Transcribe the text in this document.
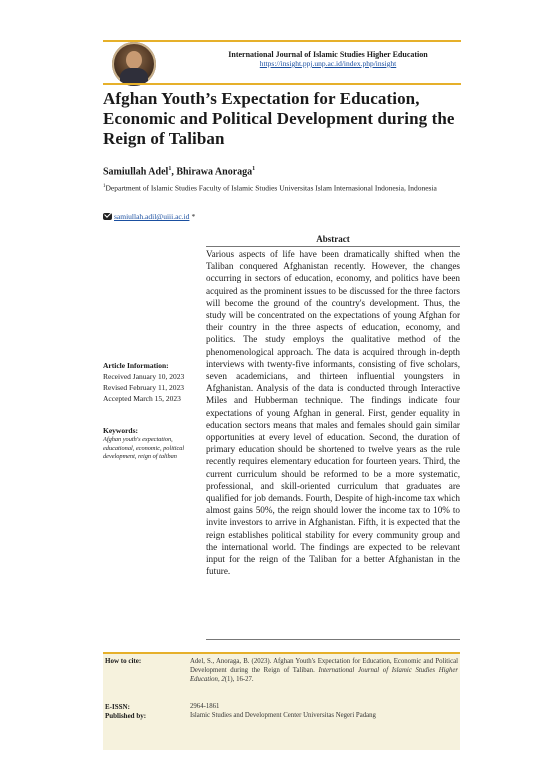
International Journal of Islamic Studies Higher Education
https://insight.ppj.unp.ac.id/index.php/insight
Afghan Youth’s Expectation for Education, Economic and Political Development during the Reign of Taliban
Samiullah Adel$^1$, Bhirawa Anoraga$^1$
$^1$Department of Islamic Studies Faculty of Islamic Studies Universitas Islam Internasional Indonesia, Indonesia
samiullah.adil@uiii.ac.id *
Abstract
Various aspects of life have been dramatically shifted when the Taliban conquered Afghanistan recently. However, the changes occurring in sectors of education, economy, and politics have been acquired as the prominent issues to be discussed for the three factors will become the ground of the country's development. Thus, the study will be concentrated on the expectations of young Afghan for their country in the three aspects of education, economy, and politics. The study employs the qualitative method of the phenomenological approach. The data is acquired through in-depth interviews with twenty-five informants, consisting of five scholars, seven academicians, and thirteen influential youngsters in Afghanistan. Analysis of the data is conducted through Interactive Miles and Hubberman technique. The findings indicate four expectations of young Afghan in general. First, gender equality in education sectors means that males and females should gain similar opportunities at every level of education. Second, the duration of primary education should be shortened to twelve years as the rule recently requires elementary education for fourteen years. Third, the current curriculum should be reformed to be a more systematic, professional, and skill-oriented curriculum that graduates are qualified for job demands. Fourth, Despite of high-income tax which almost gains 50%, the reign should lower the income tax to 10% to invite investors to arrive in Afghanistan. Fifth, it is expected that the reign establishes political stability for every community group and the international world. The findings are expected to be relevant input for the reign of the Taliban for a better Afghanistan in the future.
Article Information:
Received January 10, 2023
Revised February 11, 2023
Accepted March 15, 2023
Keywords:
Afghan youth's expectation, educational, economic, political development, reign of taliban
How to cite:	Adel, S., Anoraga, B. (2023). Afghan Youth's Expectation for Education, Economic and Political Development during the Reign of Taliban. International Journal of Islamic Studies Higher Education, 2(1), 16-27.
E-ISSN:	2964-1861
Published by:	Islamic Studies and Development Center Universitas Negeri Padang
